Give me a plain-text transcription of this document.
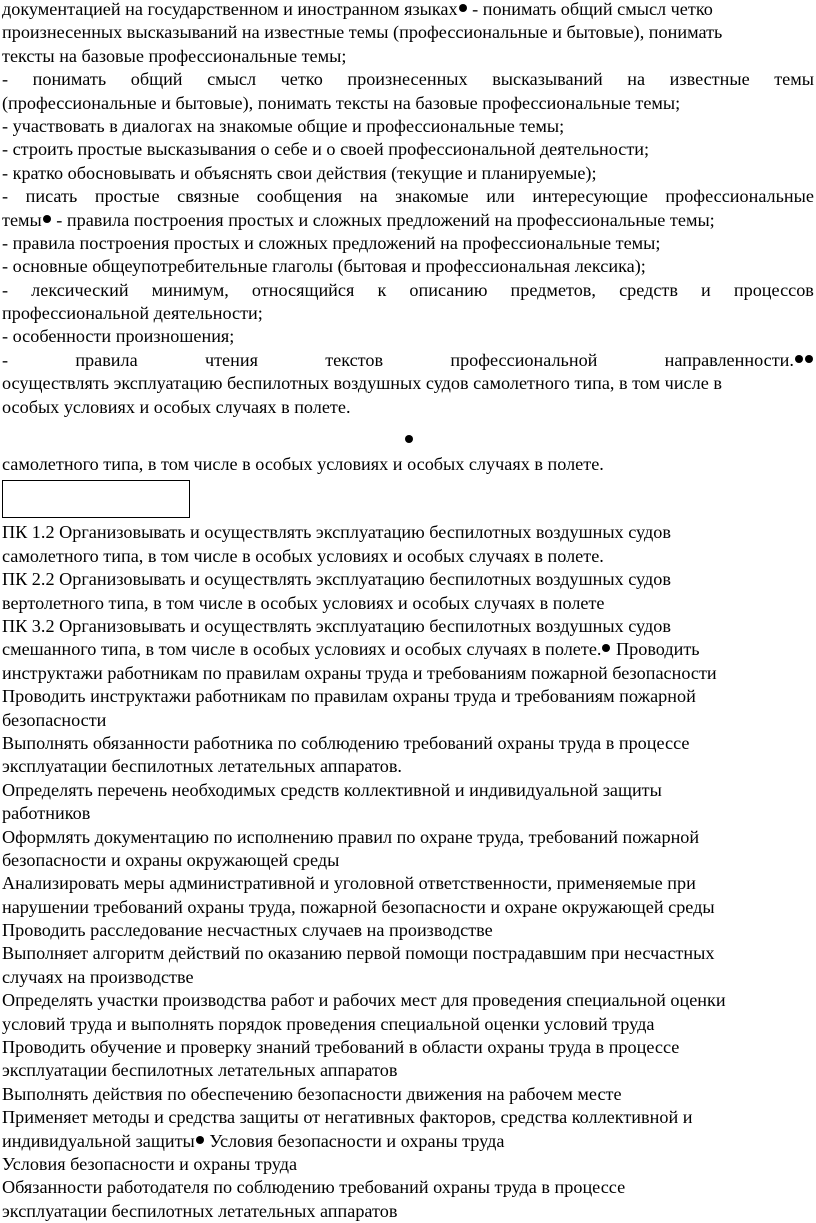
документацией на государственном и иностранном языках - понимать общий смысл четко
произнесенных высказываний на известные темы (профессиональные и бытовые), понимать
тексты на базовые профессиональные темы;
- понимать общий смысл четко произнесенных высказываний на известные темы
(профессиональные и бытовые), понимать тексты на базовые профессиональные темы;
- участвовать в диалогах на знакомые общие и профессиональные темы;
- строить простые высказывания о себе и о своей профессиональной деятельности;
- кратко обосновывать и объяснять свои действия (текущие и планируемые);
- писать простые связные сообщения на знакомые или интересующие профессиональные
темы - правила построения простых и сложных предложений на профессиональные темы;
- правила построения простых и сложных предложений на профессиональные темы;
- основные общеупотребительные глаголы (бытовая и профессиональная лексика);
- лексический минимум, относящийся к описанию предметов, средств и процессов
профессиональной деятельности;
- особенности произношения;
-	правила	чтения	текстов	профессиональной	направленности.
осуществлять эксплуатацию беспилотных воздушных судов самолетного типа, в том числе в
особых условиях и особых случаях в полете.
самолетного типа, в том числе в особых условиях и особых случаях в полете.
ПК 1.2 Организовывать и осуществлять эксплуатацию беспилотных воздушных судов
самолетного типа, в том числе в особых условиях и особых случаях в полете.
ПК 2.2 Организовывать и осуществлять эксплуатацию беспилотных воздушных судов
вертолетного типа, в том числе в особых условиях и особых случаях в полете
ПК 3.2 Организовывать и осуществлять эксплуатацию беспилотных воздушных судов
смешанного типа, в том числе в особых условиях и особых случаях в полете. Проводить
инструктажи работникам по правилам охраны труда и требованиям пожарной безопасности
Проводить инструктажи работникам по правилам охраны труда и требованиям пожарной
безопасности
Выполнять обязанности работника по соблюдению требований охраны труда в процессе
эксплуатации беспилотных летательных аппаратов.
Определять перечень необходимых средств коллективной и индивидуальной защиты
работников
Оформлять документацию по исполнению правил по охране труда, требований пожарной
безопасности и охраны окружающей среды
Анализировать меры административной и уголовной ответственности, применяемые при
нарушении требований охраны труда, пожарной безопасности и охране окружающей среды
Проводить расследование несчастных случаев на производстве
Выполняет алгоритм действий по оказанию первой помощи пострадавшим при несчастных
случаях на производстве
Определять участки производства работ и рабочих мест для проведения специальной оценки
условий труда и выполнять порядок проведения специальной оценки условий труда
Проводить обучение и проверку знаний требований в области охраны труда в процессе
эксплуатации беспилотных летательных аппаратов
Выполнять действия по обеспечению безопасности движения на рабочем месте
Применяет методы и средства защиты от негативных факторов, средства коллективной и
индивидуальной защиты Условия безопасности и охраны труда
Условия безопасности и охраны труда
Обязанности работодателя по соблюдению требований охраны труда в процессе
эксплуатации беспилотных летательных аппаратов
